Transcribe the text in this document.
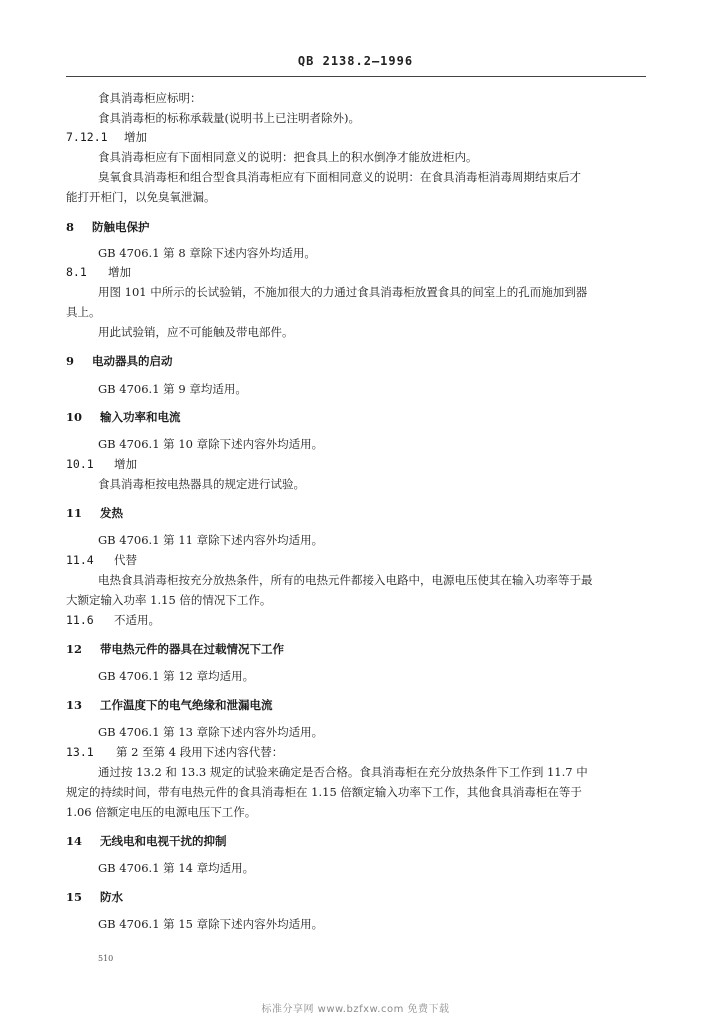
QB 2138.2—1996
食具消毒柜应标明：
食具消毒柜的标称承载量(说明书上已注明者除外)。
7.12.1 增加
食具消毒柜应有下面相同意义的说明：把食具上的积水倒净才能放进柜内。
臭氧食具消毒柜和组合型食具消毒柜应有下面相同意义的说明：在食具消毒柜消毒周期结束后才
能打开柜门，以免臭氧泄漏。
8 防触电保护
GB 4706.1 第 8 章除下述内容外均适用。
8.1 增加
用图 101 中所示的长试验销，不施加很大的力通过食具消毒柜放置食具的间室上的孔而施加到器
具上。
用此试验销，应不可能触及带电部件。
9 电动器具的启动
GB 4706.1 第 9 章均适用。
10 输入功率和电流
GB 4706.1 第 10 章除下述内容外均适用。
10.1 增加
食具消毒柜按电热器具的规定进行试验。
11 发热
GB 4706.1 第 11 章除下述内容外均适用。
11.4 代替
电热食具消毒柜按充分放热条件，所有的电热元件都接入电路中，电源电压使其在输入功率等于最
大额定输入功率 1.15 倍的情况下工作。
11.6 不适用。
12 带电热元件的器具在过载情况下工作
GB 4706.1 第 12 章均适用。
13 工作温度下的电气绝缘和泄漏电流
GB 4706.1 第 13 章除下述内容外均适用。
13.1 第 2 至第 4 段用下述内容代替：
通过按 13.2 和 13.3 规定的试验来确定是否合格。食具消毒柜在充分放热条件下工作到 11.7 中
规定的持续时间，带有电热元件的食具消毒柜在 1.15 倍额定输入功率下工作，其他食具消毒柜在等于
1.06 倍额定电压的电源电压下工作。
14 无线电和电视干扰的抑制
GB 4706.1 第 14 章均适用。
15 防水
GB 4706.1 第 15 章除下述内容外均适用。
510
标准分享网 www.bzfxw.com 免费下载
